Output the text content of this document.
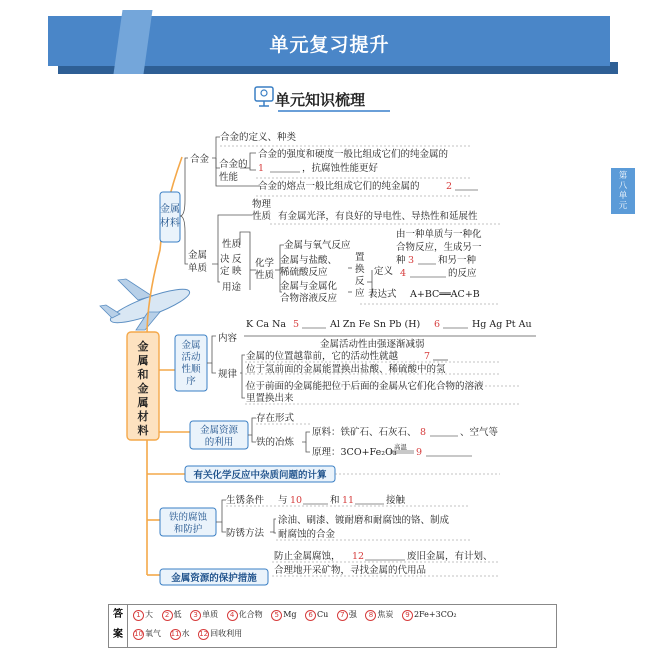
单元复习提升
单元知识梳理
第
八
单
元
金
属
和
金
属
材
料
金属
材料
合金
合金的定义、种类
合金的
性能
合金的强度和硬度一般比组成它们的纯金属的
1	，抗腐蚀性能更好
合金的熔点一般比组成它们的纯金属的	2
金属
单质
物理
性质 有金属光泽，有良好的导电性、导热性和延展性
性质
决
定
反
映
用途
化学
性质
金属与氧气反应
金属与盐酸、
稀硫酸反应
金属与金属化
合物溶液反应
置
换
反
应
由一种单质与一种化
合物反应，生成另一
定义
种 3	和另一种
4	的反应
表达式 A+BC══AC+B
金属
活动
性顺
序
K Ca Na 5	Al Zn Fe Sn Pb (H) 6	Hg Ag Pt Au
内容
金属活动性由强逐渐减弱
规律
金属的位置越靠前，它的活动性就越	7
位于氢前面的金属能置换出盐酸、稀硫酸中的氢
位于前面的金属能把位于后面的金属从它们化合物的溶液
里置换出来
金属资源
的利用
存在形式
铁的冶炼
原料：铁矿石、石灰石、 8	、空气等
原理：3CO+Fe₂O₃
高温 9
有关化学反应中杂质问题的计算
铁的腐蚀
和防护
生锈条件 与 10	和 11	接触
防锈方法
涂油、刷漆、镀耐磨和耐腐蚀的铬、制成
耐腐蚀的合金
金属资源的保护措施
防止金属腐蚀， 12	废旧金属，有计划、
合理地开采矿物，寻找金属的代用品
答
案
1 大 2 低 3 单质 4 化合物 5 Mg 6 Cu 7 强 8 焦炭 9 2Fe+3CO₂
10 氧气 11 水 12 回收利用
